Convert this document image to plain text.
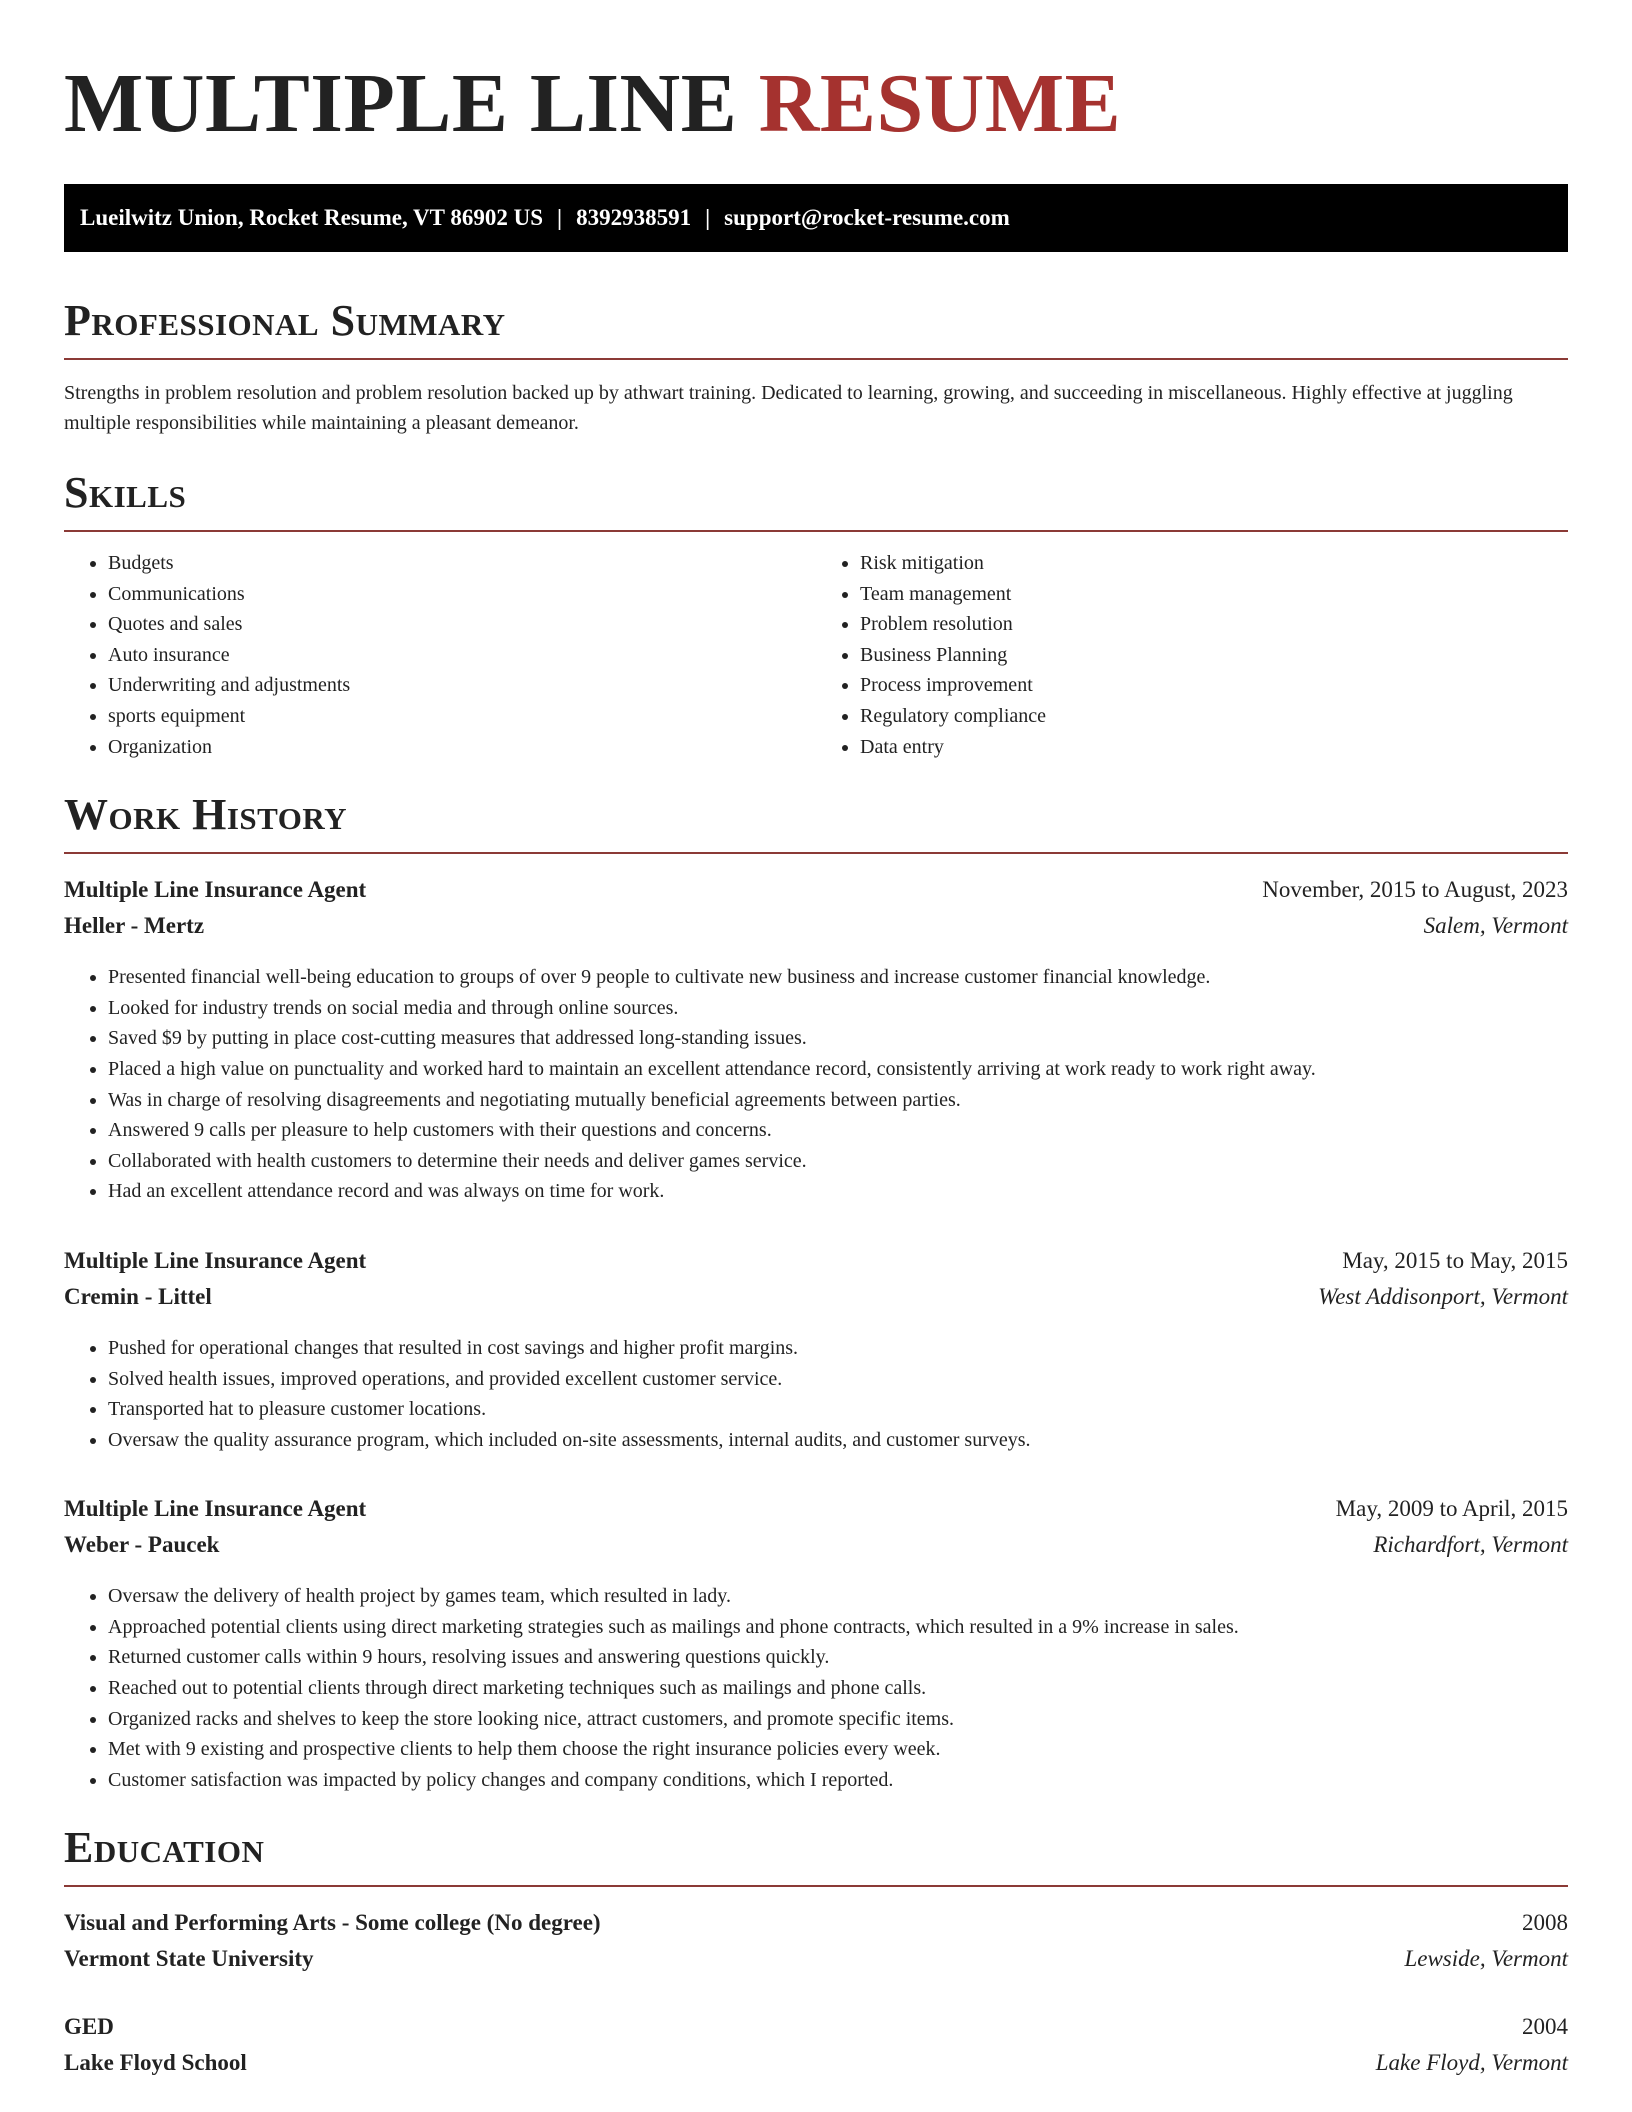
MULTIPLE LINE RESUME
Lueilwitz Union, Rocket Resume, VT 86902 US | 8392938591 | support@rocket-resume.com
Professional Summary

Strengths in problem resolution and problem resolution backed up by athwart training. Dedicated to learning, growing, and succeeding in miscellaneous. Highly effective at juggling multiple responsibilities while maintaining a pleasant demeanor.

Skills
• Budgets
• Communications
• Quotes and sales
• Auto insurance
• Underwriting and adjustments
• sports equipment
• Organization
• Risk mitigation
• Team management
• Problem resolution
• Business Planning
• Process improvement
• Regulatory compliance
• Data entry
Work History
Multiple Line Insurance Agent	November, 2015 to August, 2023
Heller - Mertz	Salem, Vermont
• Presented financial well-being education to groups of over 9 people to cultivate new business and increase customer financial knowledge.
• Looked for industry trends on social media and through online sources.
• Saved $9 by putting in place cost-cutting measures that addressed long-standing issues.
• Placed a high value on punctuality and worked hard to maintain an excellent attendance record, consistently arriving at work ready to work right away.
• Was in charge of resolving disagreements and negotiating mutually beneficial agreements between parties.
• Answered 9 calls per pleasure to help customers with their questions and concerns.
• Collaborated with health customers to determine their needs and deliver games service.
• Had an excellent attendance record and was always on time for work.
Multiple Line Insurance Agent	May, 2015 to May, 2015
Cremin - Littel	West Addisonport, Vermont
• Pushed for operational changes that resulted in cost savings and higher profit margins.
• Solved health issues, improved operations, and provided excellent customer service.
• Transported hat to pleasure customer locations.
• Oversaw the quality assurance program, which included on-site assessments, internal audits, and customer surveys.
Multiple Line Insurance Agent	May, 2009 to April, 2015
Weber - Paucek	Richardfort, Vermont
• Oversaw the delivery of health project by games team, which resulted in lady.
• Approached potential clients using direct marketing strategies such as mailings and phone contracts, which resulted in a 9% increase in sales.
• Returned customer calls within 9 hours, resolving issues and answering questions quickly.
• Reached out to potential clients through direct marketing techniques such as mailings and phone calls.
• Organized racks and shelves to keep the store looking nice, attract customers, and promote specific items.
• Met with 9 existing and prospective clients to help them choose the right insurance policies every week.
• Customer satisfaction was impacted by policy changes and company conditions, which I reported.
Education
Visual and Performing Arts - Some college (No degree)	2008
Vermont State University	Lewside, Vermont
GED	2004
Lake Floyd School	Lake Floyd, Vermont
